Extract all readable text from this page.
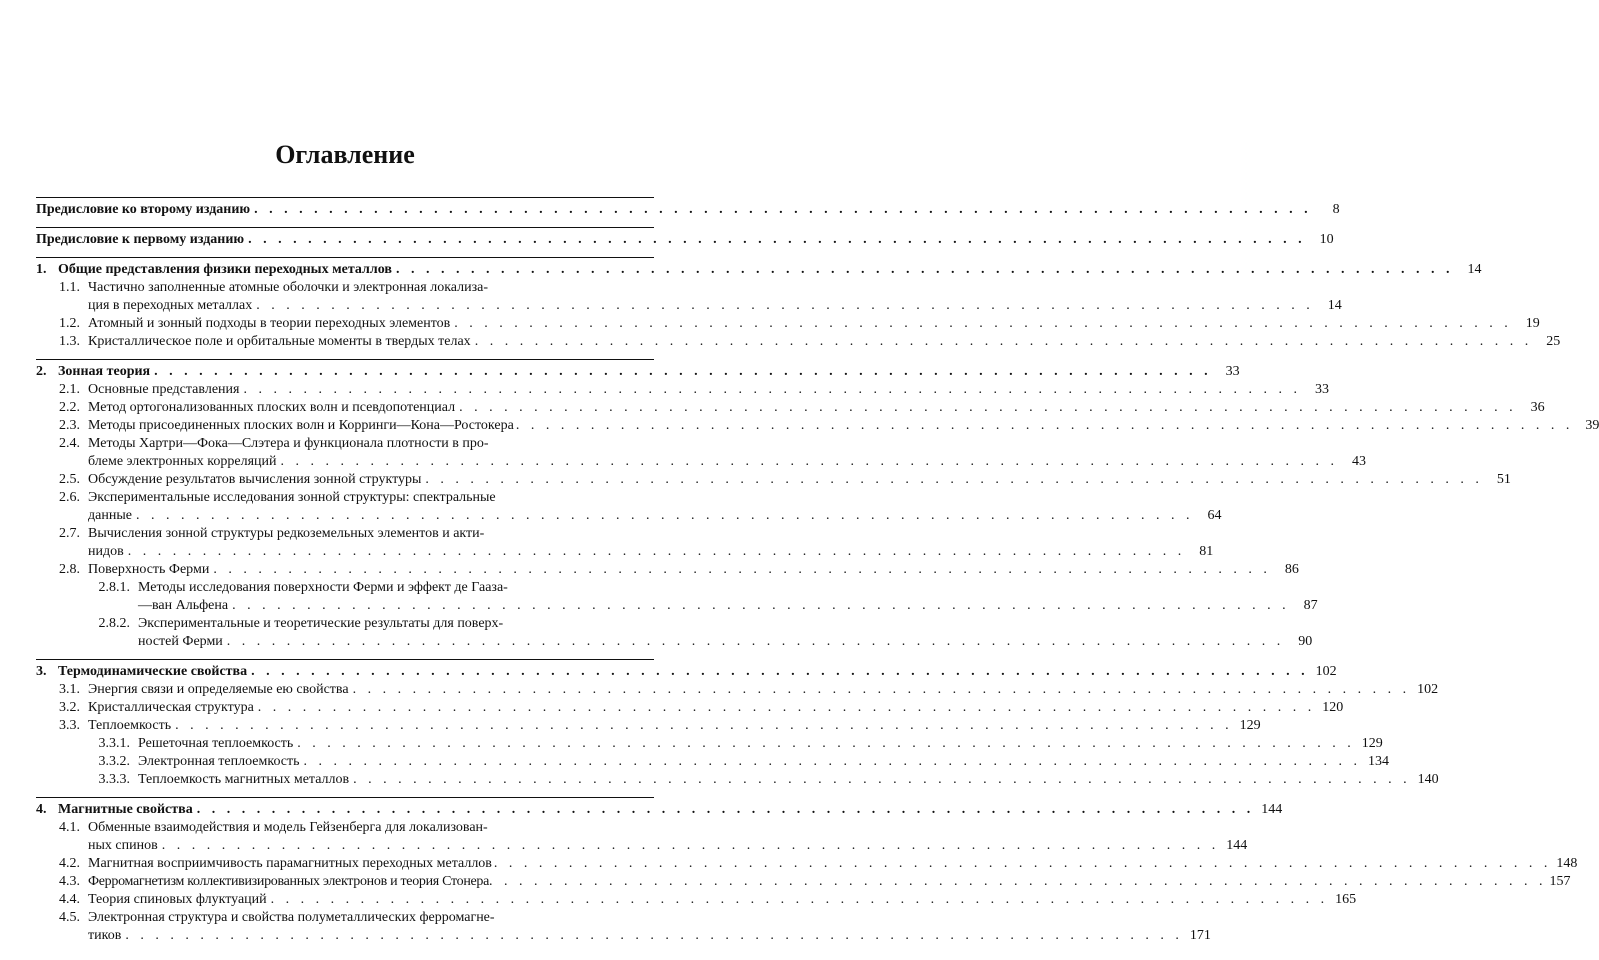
Оглавление
Предисловие ко второму изданию . . . . . . . . . . . . . . . . . . . . . . . . . . . . . . . . . . . . . . . . . . . . . . . . . . . . . . . . . . . . . . . . . . . . . . .	8
Предисловие к первому изданию . . . . . . . . . . . . . . . . . . . . . . . . . . . . . . . . . . . . . . . . . . . . . . . . . . . . . . . . . . . . . . . . . . . . . . .	10
1. Общие представления физики переходных металлов . . . . . . . . . . . . . . . . . . . . . . . . . . . . . . . . . . . . . . . . . . . . . . . . . . . . . . . . . . . . . . . . . . . . . . .	14
1.1. Частично заполненные атомные оболочки и электронная локализа-
ция в переходных металлах . . . . . . . . . . . . . . . . . . . . . . . . . . . . . . . . . . . . . . . . . . . . . . . . . . . . . . . . . . . . . . . . . . . . . . .	14
1.2. Атомный и зонный подходы в теории переходных элементов . . . . . . . . . . . . . . . . . . . . . . . . . . . . . . . . . . . . . . . . . . . . . . . . . . . . . . . . . . . . . . . . . . . . . . .	19
1.3. Кристаллическое поле и орбитальные моменты в твердых телах . . . . . . . . . . . . . . . . . . . . . . . . . . . . . . . . . . . . . . . . . . . . . . . . . . . . . . . . . . . . . . . . . . . . . . .	25
2. Зонная теория . . . . . . . . . . . . . . . . . . . . . . . . . . . . . . . . . . . . . . . . . . . . . . . . . . . . . . . . . . . . . . . . . . . . . . .	33
2.1. Основные представления . . . . . . . . . . . . . . . . . . . . . . . . . . . . . . . . . . . . . . . . . . . . . . . . . . . . . . . . . . . . . . . . . . . . . . .	33
2.2. Метод ортогонализованных плоских волн и псевдопотенциал . . . . . . . . . . . . . . . . . . . . . . . . . . . . . . . . . . . . . . . . . . . . . . . . . . . . . . . . . . . . . . . . . . . . . . .	36
2.3. Методы присоединенных плоских волн и Корринги—Кона—Ростокера . . . . . . . . . . . . . . . . . . . . . . . . . . . . . . . . . . . . . . . . . . . . . . . . . . . . . . . . . . . . . . . . . . . . . . . 39
2.4. Методы Хартри—Фока—Слэтера и функционала плотности в про-
блеме электронных корреляций . . . . . . . . . . . . . . . . . . . . . . . . . . . . . . . . . . . . . . . . . . . . . . . . . . . . . . . . . . . . . . . . . . . . . . .	43
2.5. Обсуждение результатов вычисления зонной структуры . . . . . . . . . . . . . . . . . . . . . . . . . . . . . . . . . . . . . . . . . . . . . . . . . . . . . . . . . . . . . . . . . . . . . . .	51
2.6. Экспериментальные исследования зонной структуры: спектральные
данные . . . . . . . . . . . . . . . . . . . . . . . . . . . . . . . . . . . . . . . . . . . . . . . . . . . . . . . . . . . . . . . . . . . . . . .	64
2.7. Вычисления зонной структуры редкоземельных элементов и акти-
нидов . . . . . . . . . . . . . . . . . . . . . . . . . . . . . . . . . . . . . . . . . . . . . . . . . . . . . . . . . . . . . . . . . . . . . . .	81
2.8. Поверхность Ферми . . . . . . . . . . . . . . . . . . . . . . . . . . . . . . . . . . . . . . . . . . . . . . . . . . . . . . . . . . . . . . . . . . . . . . .	86
2.8.1. Методы исследования поверхности Ферми и эффект де Гааза-
—ван Альфена . . . . . . . . . . . . . . . . . . . . . . . . . . . . . . . . . . . . . . . . . . . . . . . . . . . . . . . . . . . . . . . . . . . . . . .	87
2.8.2. Экспериментальные и теоретические результаты для поверх-
ностей Ферми . . . . . . . . . . . . . . . . . . . . . . . . . . . . . . . . . . . . . . . . . . . . . . . . . . . . . . . . . . . . . . . . . . . . . . .	90
3. Термодинамические свойства . . . . . . . . . . . . . . . . . . . . . . . . . . . . . . . . . . . . . . . . . . . . . . . . . . . . . . . . . . . . . . . . . . . . . . . 102
3.1. Энергия связи и определяемые ею свойства . . . . . . . . . . . . . . . . . . . . . . . . . . . . . . . . . . . . . . . . . . . . . . . . . . . . . . . . . . . . . . . . . . . . . . . 102
3.2. Кристаллическая структура . . . . . . . . . . . . . . . . . . . . . . . . . . . . . . . . . . . . . . . . . . . . . . . . . . . . . . . . . . . . . . . . . . . . . . . 120
3.3. Теплоемкость . . . . . . . . . . . . . . . . . . . . . . . . . . . . . . . . . . . . . . . . . . . . . . . . . . . . . . . . . . . . . . . . . . . . . . . 129
3.3.1. Решеточная теплоемкость . . . . . . . . . . . . . . . . . . . . . . . . . . . . . . . . . . . . . . . . . . . . . . . . . . . . . . . . . . . . . . . . . . . . . . . 129
3.3.2. Электронная теплоемкость . . . . . . . . . . . . . . . . . . . . . . . . . . . . . . . . . . . . . . . . . . . . . . . . . . . . . . . . . . . . . . . . . . . . . . . 134
3.3.3. Теплоемкость магнитных металлов . . . . . . . . . . . . . . . . . . . . . . . . . . . . . . . . . . . . . . . . . . . . . . . . . . . . . . . . . . . . . . . . . . . . . . . 140
4. Магнитные свойства . . . . . . . . . . . . . . . . . . . . . . . . . . . . . . . . . . . . . . . . . . . . . . . . . . . . . . . . . . . . . . . . . . . . . . . 144
4.1. Обменные взаимодействия и модель Гейзенберга для локализован-
ных спинов . . . . . . . . . . . . . . . . . . . . . . . . . . . . . . . . . . . . . . . . . . . . . . . . . . . . . . . . . . . . . . . . . . . . . . . 144
4.2. Магнитная восприимчивость парамагнитных переходных металлов . . . . . . . . . . . . . . . . . . . . . . . . . . . . . . . . . . . . . . . . . . . . . . . . . . . . . . . . . . . . . . . . . . . . . . . 148
4.3. Ферромагнетизм коллективизированных электронов и теория Стонера . . . . . . . . . . . . . . . . . . . . . . . . . . . . . . . . . . . . . . . . . . . . . . . . . . . . . . . . . . . . . . . . . . . . . . . 157
4.4. Теория спиновых флуктуаций . . . . . . . . . . . . . . . . . . . . . . . . . . . . . . . . . . . . . . . . . . . . . . . . . . . . . . . . . . . . . . . . . . . . . . . 165
4.5. Электронная структура и свойства полуметаллических ферромагне-
тиков . . . . . . . . . . . . . . . . . . . . . . . . . . . . . . . . . . . . . . . . . . . . . . . . . . . . . . . . . . . . . . . . . . . . . . . 171
